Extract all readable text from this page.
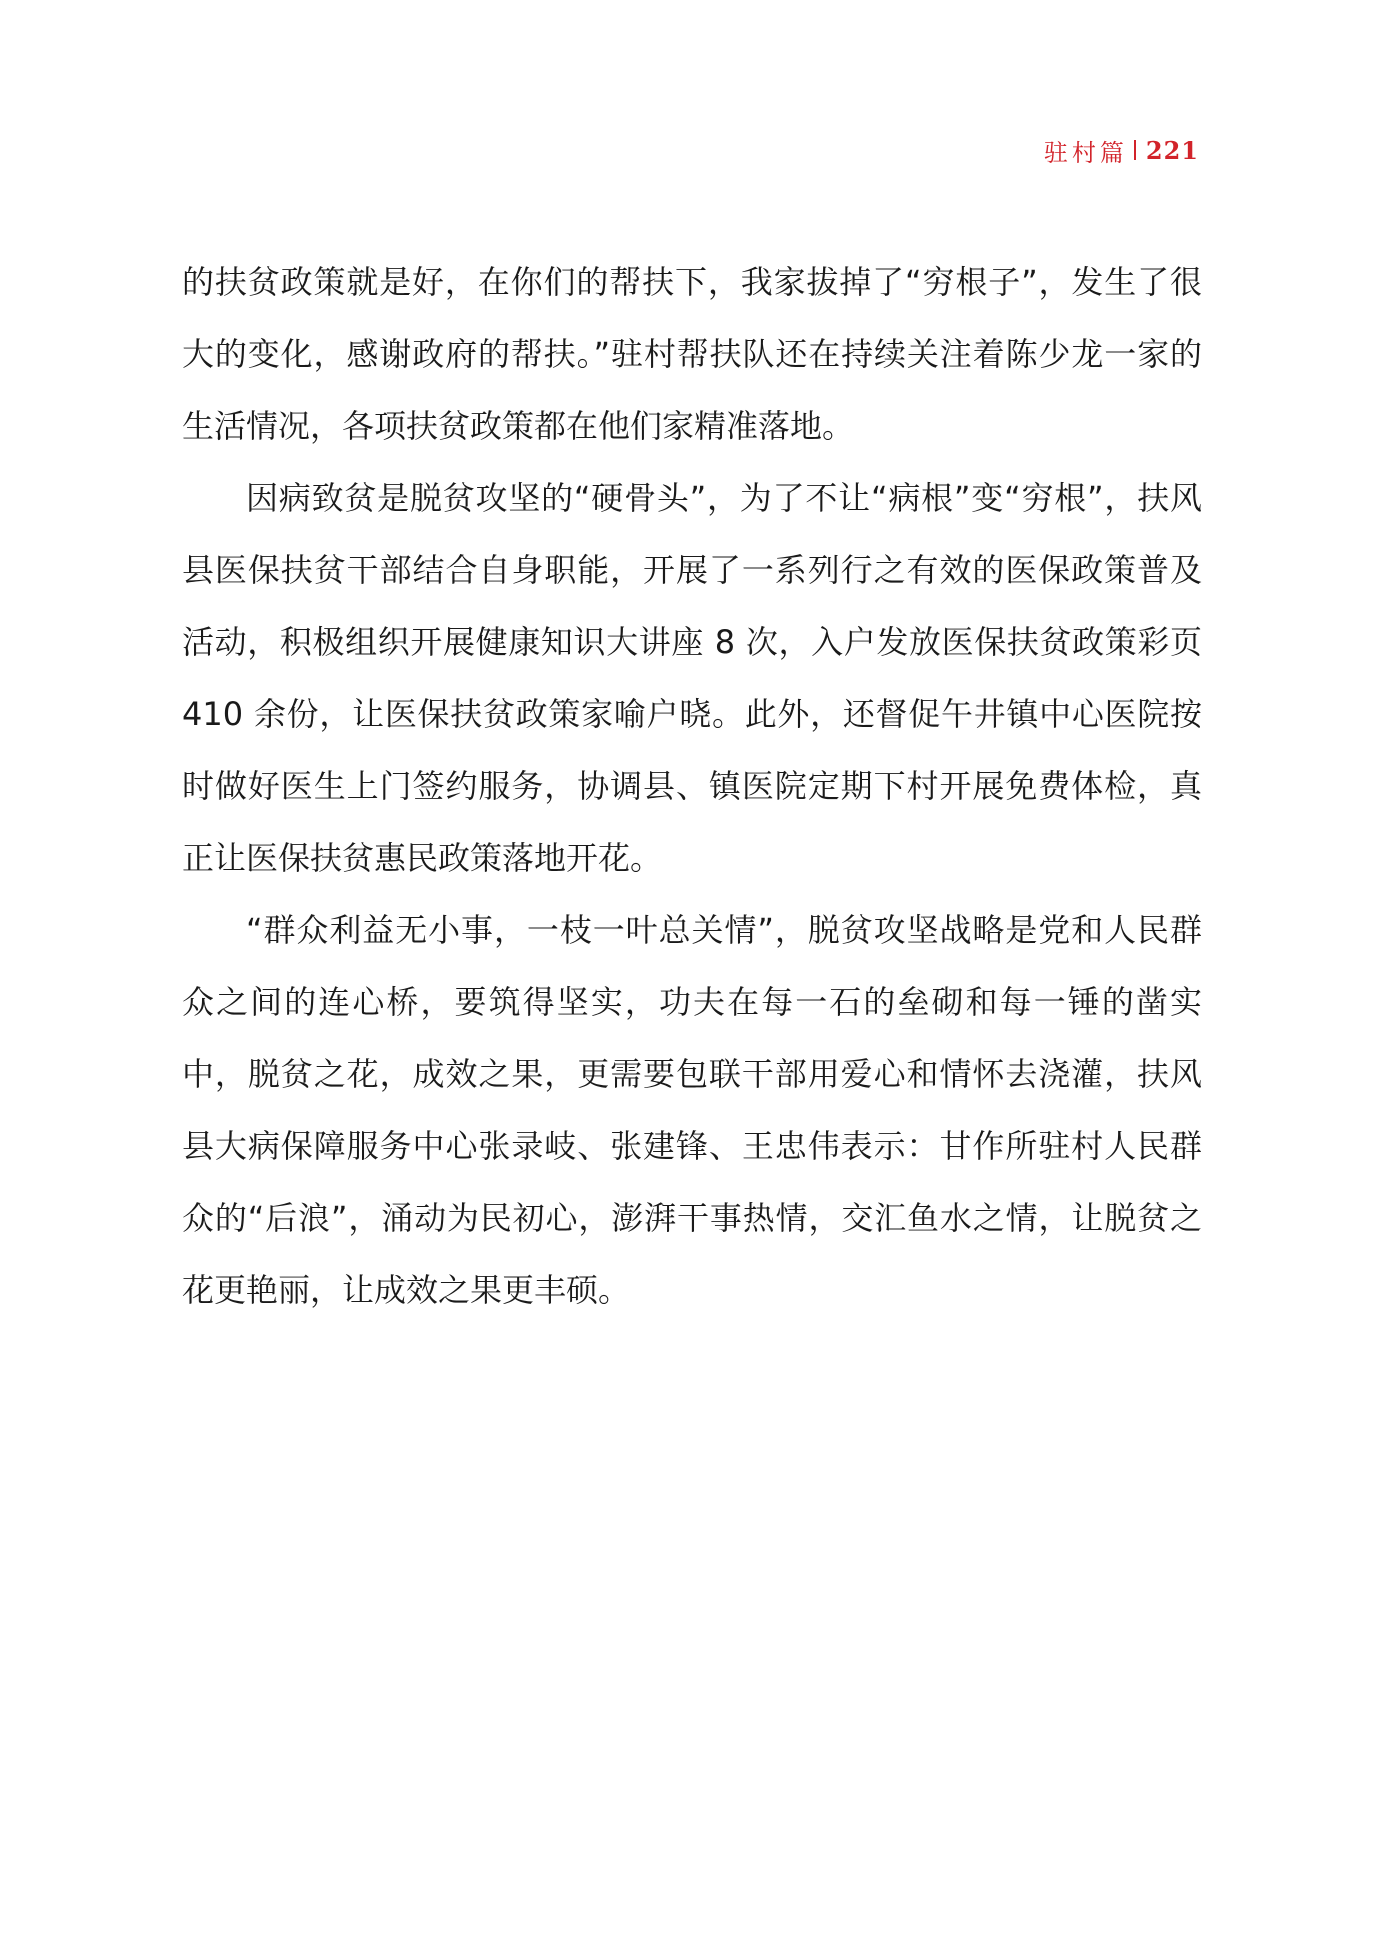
驻村篇 221

的扶贫政策就是好，在你们的帮扶下，我家拔掉了“穷根子”，发生了很大的变化，感谢政府的帮扶。”驻村帮扶队还在持续关注着陈少龙一家的生活情况，各项扶贫政策都在他们家精准落地。

因病致贫是脱贫攻坚的“硬骨头”，为了不让“病根”变“穷根”，扶风县医保扶贫干部结合自身职能，开展了一系列行之有效的医保政策普及活动，积极组织开展健康知识大讲座 8 次，入户发放医保扶贫政策彩页 410 余份，让医保扶贫政策家喻户晓。此外，还督促午井镇中心医院按时做好医生上门签约服务，协调县、镇医院定期下村开展免费体检，真正让医保扶贫惠民政策落地开花。

“群众利益无小事，一枝一叶总关情”，脱贫攻坚战略是党和人民群众之间的连心桥，要筑得坚实，功夫在每一石的垒砌和每一锤的凿实中，脱贫之花，成效之果，更需要包联干部用爱心和情怀去浇灌，扶风县大病保障服务中心张录岐、张建锋、王忠伟表示：甘作所驻村人民群众的“后浪”，涌动为民初心，澎湃干事热情，交汇鱼水之情，让脱贫之花更艳丽，让成效之果更丰硕。
